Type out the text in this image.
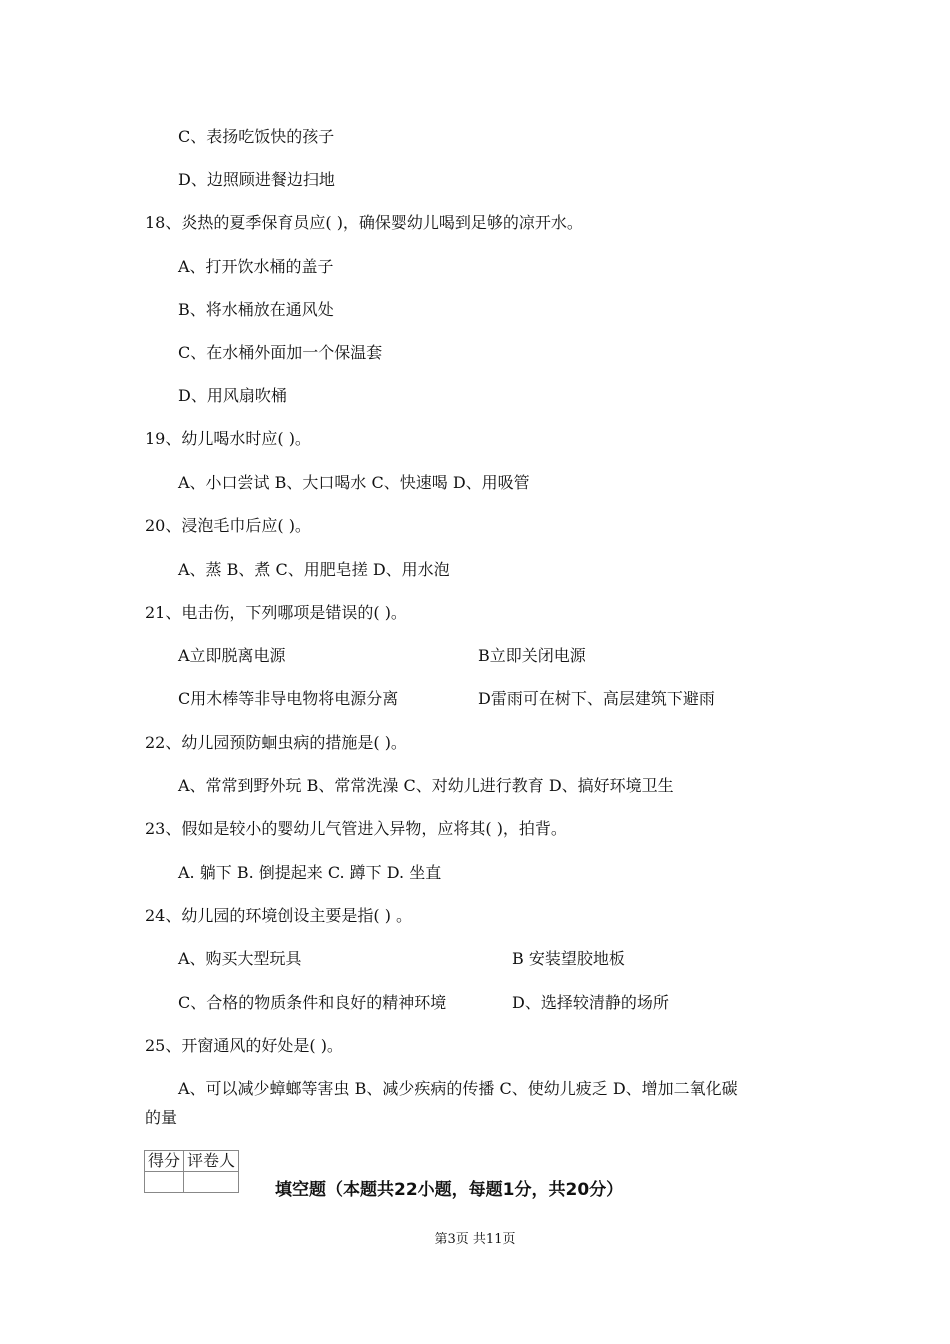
C、表扬吃饭快的孩子
D、边照顾进餐边扫地
18、炎热的夏季保育员应( )，确保婴幼儿喝到足够的凉开水。
A、打开饮水桶的盖子
B、将水桶放在通风处
C、在水桶外面加一个保温套
D、用风扇吹桶
19、幼儿喝水时应( )。
A、小口尝试 B、大口喝水 C、快速喝 D、用吸管
20、浸泡毛巾后应( )。
A、蒸 B、煮 C、用肥皂搓 D、用水泡
21、电击伤，下列哪项是错误的( )。
A立即脱离电源	B立即关闭电源
C用木棒等非导电物将电源分离	D雷雨可在树下、高层建筑下避雨
22、幼儿园预防蛔虫病的措施是( )。
A、常常到野外玩 B、常常洗澡 C、对幼儿进行教育 D、搞好环境卫生
23、假如是较小的婴幼儿气管进入异物，应将其( )，拍背。
A. 躺下 B. 倒提起来 C. 蹲下 D. 坐直
24、幼儿园的环境创设主要是指( ) 。
A、购买大型玩具	B 安装望胶地板
C、合格的物质条件和良好的精神环境	D、选择较清静的场所
25、开窗通风的好处是( )。
A、可以减少蟑螂等害虫 B、减少疾病的传播 C、使幼儿疲乏 D、增加二氧化碳
的量
得分	评卷人

填空题（本题共22小题，每题1分，共20分）
第3页 共11页
